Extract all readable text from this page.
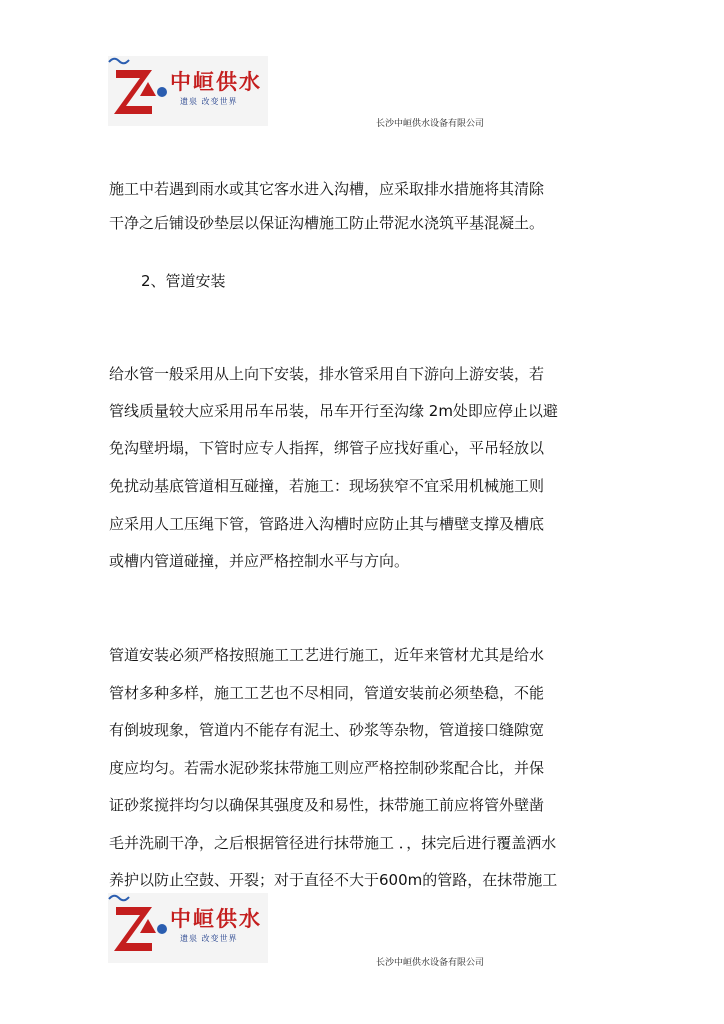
中峘供水
遗泉 改变世界
长沙中峘供水设备有限公司
施工中若遇到雨水或其它客水进入沟槽，应采取排水措施将其清除
干净之后铺设砂垫层以保证沟槽施工防止带泥水浇筑平基混凝土。
2、管道安装
给水管一般采用从上向下安装，排水管采用自下游向上游安装，若
管线质量较大应采用吊车吊装，吊车开行至沟缘 2m处即应停止以避
免沟壁坍塌，下管时应专人指挥，绑管子应找好重心，平吊轻放以
免扰动基底管道相互碰撞，若施工：现场狭窄不宜采用机械施工则
应采用人工压绳下管，管路进入沟槽时应防止其与槽壁支撑及槽底
或槽内管道碰撞，并应严格控制水平与方向。
管道安装必须严格按照施工工艺进行施工，近年来管材尤其是给水
管材多种多样，施工工艺也不尽相同，管道安装前必须垫稳，不能
有倒坡现象，管道内不能存有泥土、砂浆等杂物，管道接口缝隙宽
度应均匀。若需水泥砂浆抹带施工则应严格控制砂浆配合比，并保
证砂浆搅拌均匀以确保其强度及和易性，抹带施工前应将管外壁凿
毛并洗刷干净，之后根据管径进行抹带施工 ．，抹完后进行覆盖洒水
养护以防止空鼓、开裂；对于直径不大于600m的管路，在抹带施工
中峘供水
遗泉 改变世界
长沙中峘供水设备有限公司
